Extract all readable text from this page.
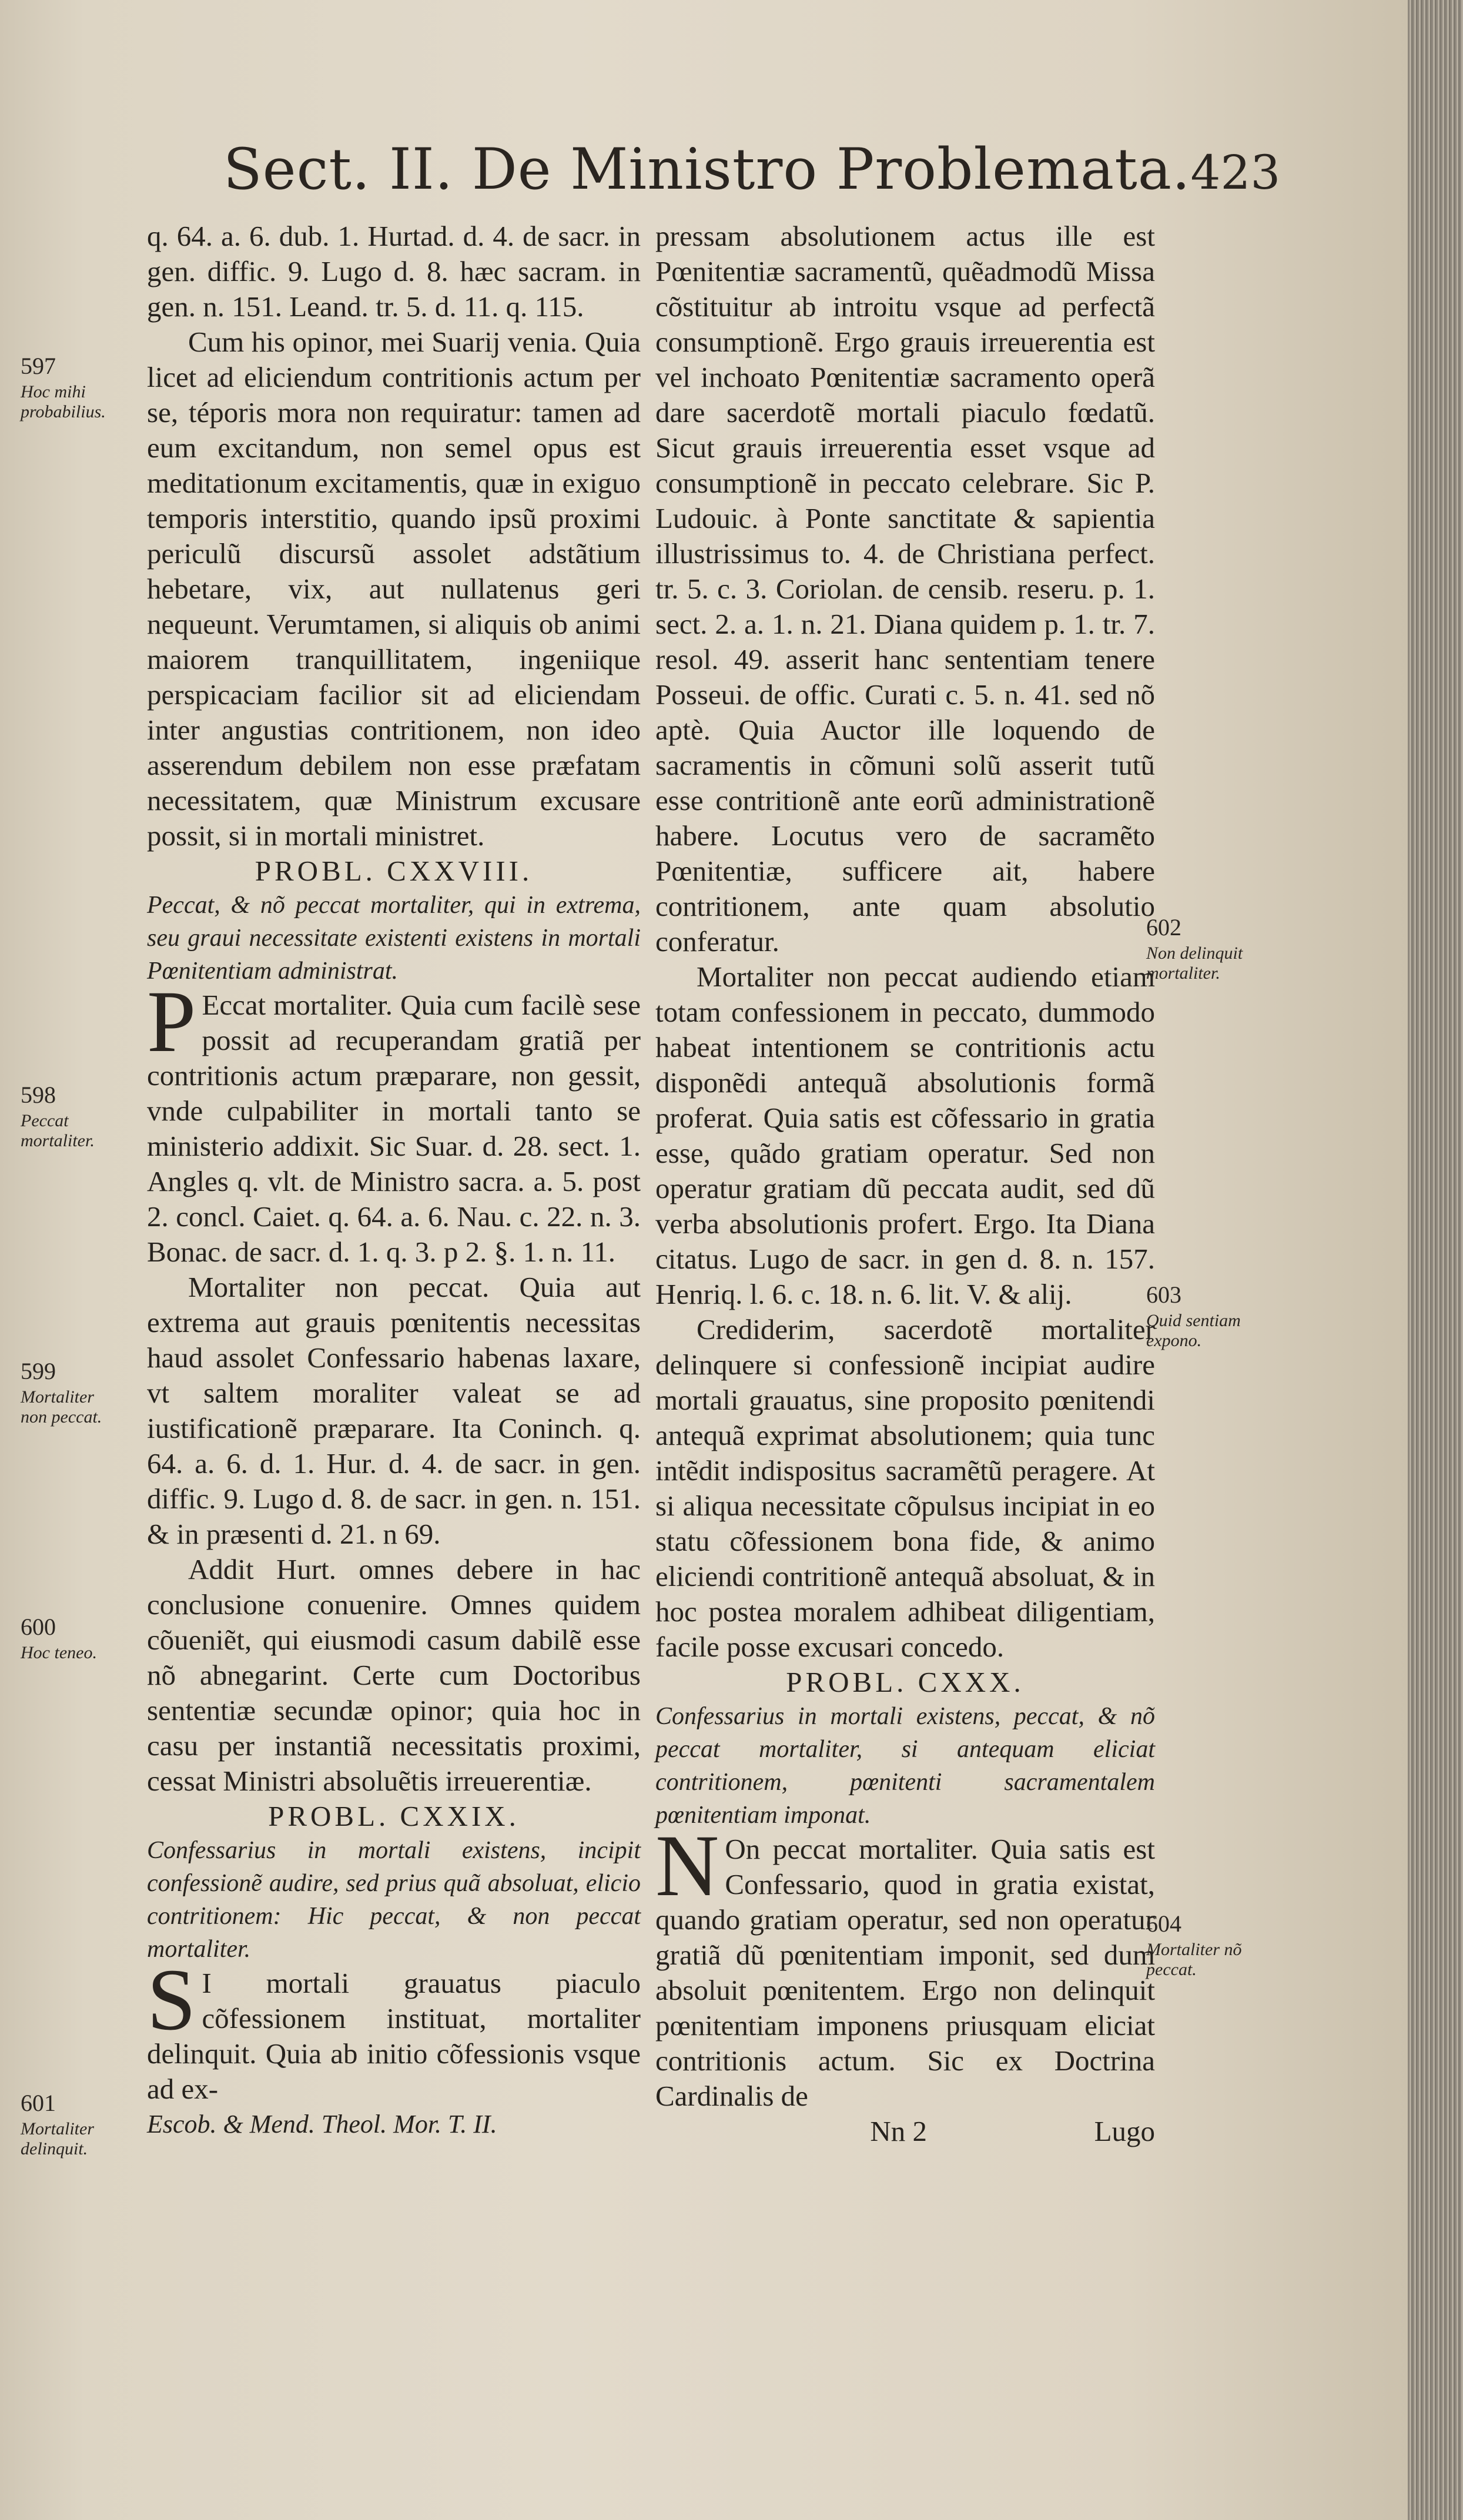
Sect. II. De Ministro Problemata. 423

q. 64. a. 6. dub. 1. Hurtad. d. 4. de sacr. in gen. diffic. 9. Lugo d. 8. hæc sacram. in gen. n. 151. Leand. tr. 5. d. 11. q. 115.

Cum his opinor, mei Suarij venia. Quia licet ad eliciendum contritionis actum per se, téporis mora non requiratur: tamen ad eum excitandum, non semel opus est meditationum excitamentis, quæ in exiguo temporis interstitio, quando ipsũ proximi periculũ discursũ assolet adstãtium hebetare, vix, aut nullatenus geri nequeunt. Verumtamen, si aliquis ob animi maiorem tranquillitatem, ingeniique perspicaciam facilior sit ad eliciendam inter angustias contritionem, non ideo asserendum debilem non esse præfatam necessitatem, quæ Ministrum excusare possit, si in mortali ministret.

PROBL. CXXVIII.

Peccat, & nõ peccat mortaliter, qui in extrema, seu graui necessitate existenti existens in mortali Pœnitentiam administrat.

P Eccat mortaliter. Quia cum facilè sese possit ad recuperandam gratiã per contritionis actum præparare, non gessit, vnde culpabiliter in mortali tanto se ministerio addixit. Sic Suar. d. 28. sect. 1. Angles q. vlt. de Ministro sacra. a. 5. post 2. concl. Caiet. q. 64. a. 6. Nau. c. 22. n. 3. Bonac. de sacr. d. 1. q. 3. p 2. §. 1. n. 11.

Mortaliter non peccat. Quia aut extrema aut grauis pœnitentis necessitas haud assolet Confessario habenas laxare, vt saltem moraliter valeat se ad iustificationẽ præparare. Ita Coninch. q. 64. a. 6. d. 1. Hur. d. 4. de sacr. in gen. diffic. 9. Lugo d. 8. de sacr. in gen. n. 151. & in præsenti d. 21. n 69.

Addit Hurt. omnes debere in hac conclusione conuenire. Omnes quidem cõueniẽt, qui eiusmodi casum dabilẽ esse nõ abnegarint. Certe cum Doctoribus sententiæ secundæ opinor; quia hoc in casu per instantiã necessitatis proximi, cessat Ministri absoluẽtis irreuerentiæ.

PROBL. CXXIX.

Confessarius in mortali existens, incipit confessionẽ audire, sed prius quã absoluat, elicio contritionem: Hic peccat, & non peccat mortaliter.

S I mortali grauatus piaculo cõfessionem instituat, mortaliter delinquit. Quia ab initio cõfessionis vsque ad ex-

Escob. & Mend. Theol. Mor. T. II.

pressam absolutionem actus ille est Pœnitentiæ sacramentũ, quẽadmodũ Missa cõstituitur ab introitu vsque ad perfectã consumptionẽ. Ergo grauis irreuerentia est vel inchoato Pœnitentiæ sacramento operã dare sacerdotẽ mortali piaculo fœdatũ. Sicut grauis irreuerentia esset vsque ad consumptionẽ in peccato celebrare. Sic P. Ludouic. à Ponte sanctitate & sapientia illustrissimus to. 4. de Christiana perfect. tr. 5. c. 3. Coriolan. de censib. reseru. p. 1. sect. 2. a. 1. n. 21. Diana quidem p. 1. tr. 7. resol. 49. asserit hanc sententiam tenere Posseui. de offic. Curati c. 5. n. 41. sed nõ aptè. Quia Auctor ille loquendo de sacramentis in cõmuni solũ asserit tutũ esse contritionẽ ante eorũ administrationẽ habere. Locutus vero de sacramẽto Pœnitentiæ, sufficere ait, habere contritionem, ante quam absolutio conferatur.

Mortaliter non peccat audiendo etiam totam confessionem in peccato, dummodo habeat intentionem se contritionis actu disponẽdi antequã absolutionis formã proferat. Quia satis est cõfessario in gratia esse, quãdo gratiam operatur. Sed non operatur gratiam dũ peccata audit, sed dũ verba absolutionis profert. Ergo. Ita Diana citatus. Lugo de sacr. in gen d. 8. n. 157. Henriq. l. 6. c. 18. n. 6. lit. V. & alij.

Crediderim, sacerdotẽ mortaliter delinquere si confessionẽ incipiat audire mortali grauatus, sine proposito pœnitendi antequã exprimat absolutionem; quia tunc intẽdit indispositus sacramẽtũ peragere. At si aliqua necessitate cõpulsus incipiat in eo statu cõfessionem bona fide, & animo eliciendi contritionẽ antequã absoluat, & in hoc postea moralem adhibeat diligentiam, facile posse excusari concedo.

PROBL. CXXX.

Confessarius in mortali existens, peccat, & nõ peccat mortaliter, si antequam eliciat contritionem, pœnitenti sacramentalem pœnitentiam imponat.

N On peccat mortaliter. Quia satis est Confessario, quod in gratia existat, quando gratiam operatur, sed non operatur gratiã dũ pœnitentiam imponit, sed dum absoluit pœnitentem. Ergo non delinquit pœnitentiam imponens priusquam eliciat contritionis actum. Sic ex Doctrina Cardinalis de

Nn 2	Lugo

597
Hoc mihi probabilius.
598
Peccat mortaliter.
599
Mortaliter non peccat.
600
Hoc teneo.
601
Mortaliter delinquit.
602
Non delinquit mortaliter.
603
Quid sentiam expono.
604
Mortaliter nõ peccat.
